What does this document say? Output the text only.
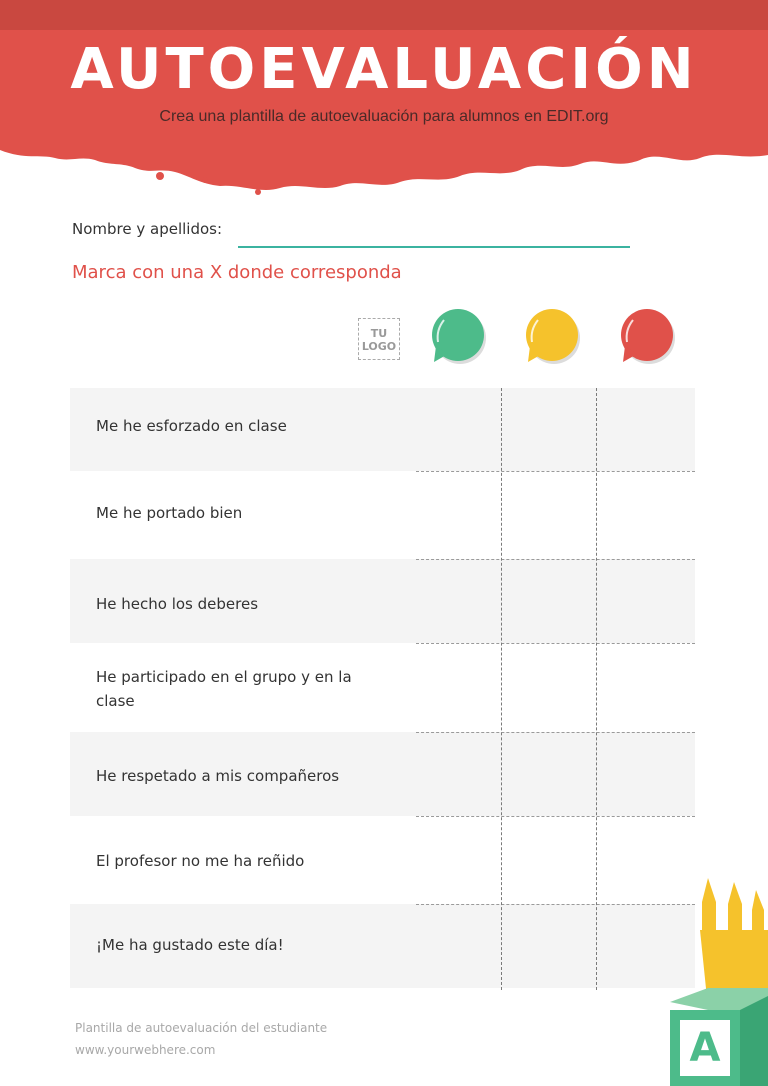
AUTOEVALUACIÓN
Crea una plantilla de autoevaluación para alumnos en EDIT.org
Nombre y apellidos:
Marca con una X donde corresponda
TU
LOGO
Me he esforzado en clase
Me he portado bien
He hecho los deberes
He participado en el grupo y en la clase
He respetado a mis compañeros
El profesor no me ha reñido
¡Me ha gustado este día!
Plantilla de autoevaluación del estudiante
www.yourwebhere.com	A
